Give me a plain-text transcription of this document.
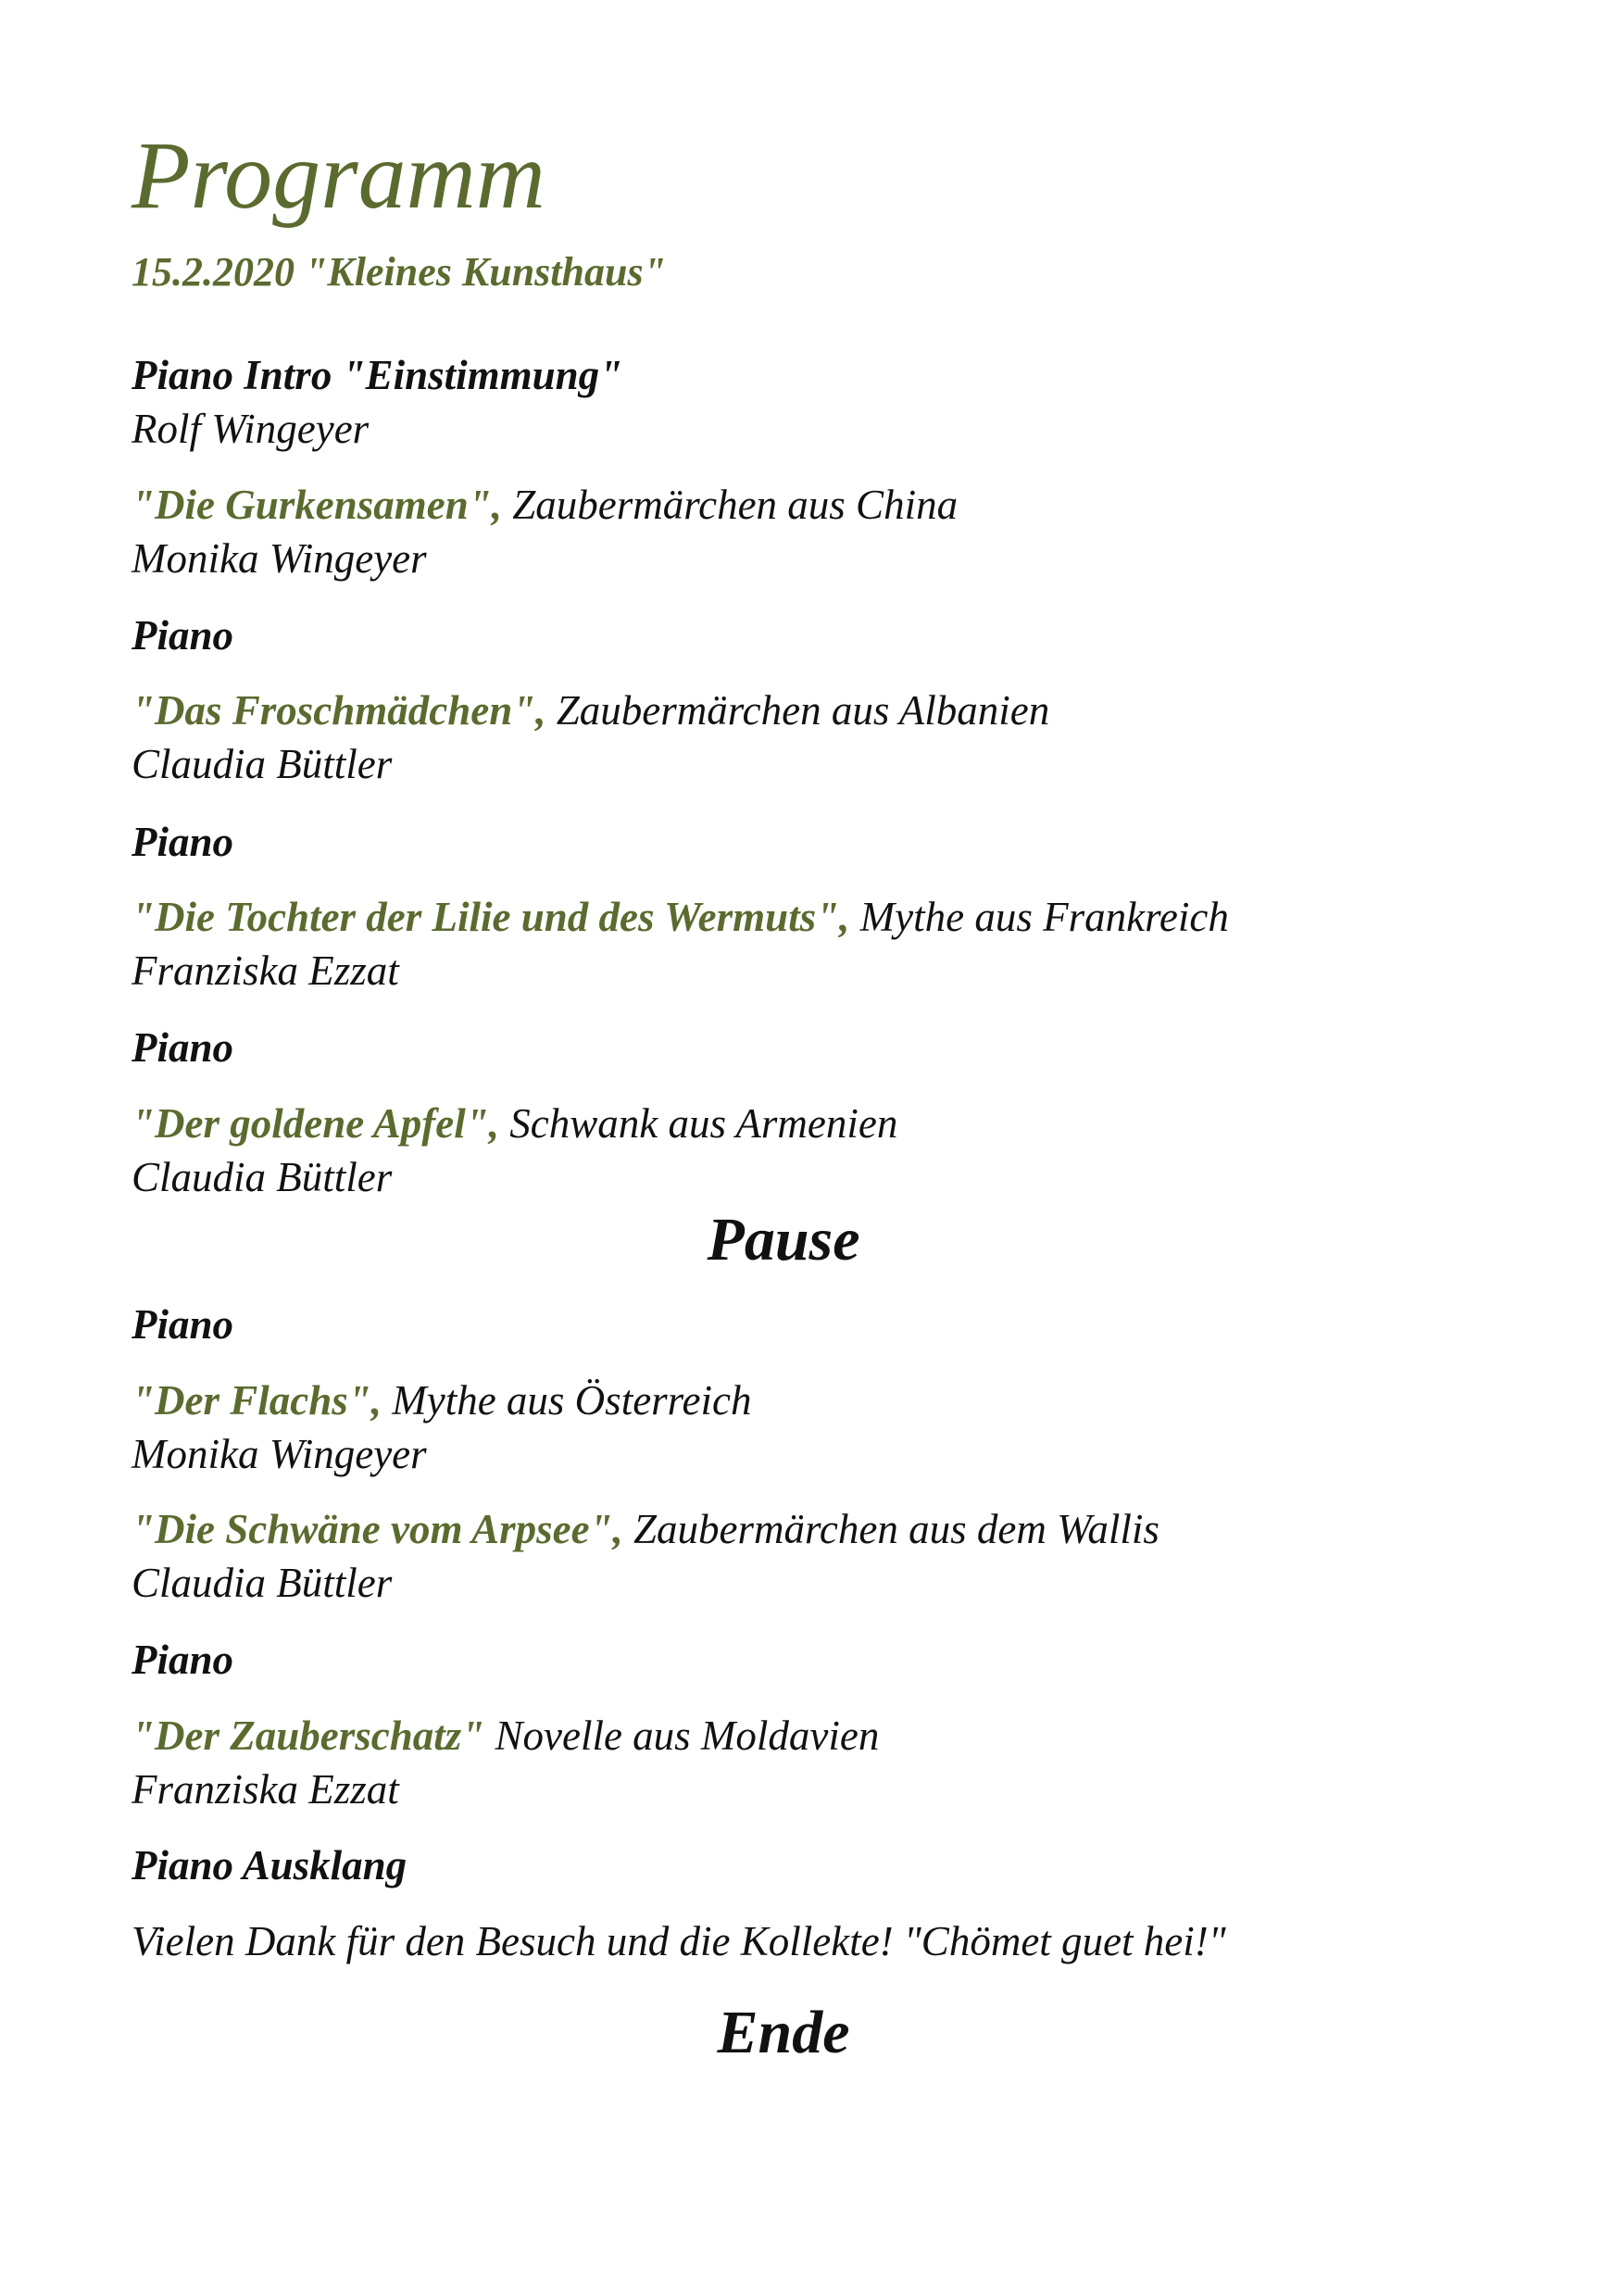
Programm
15.2.2020 "Kleines Kunsthaus"
Piano Intro "Einstimmung"
Rolf Wingeyer
"Die Gurkensamen", Zaubermärchen aus China
Monika Wingeyer
Piano
"Das Froschmädchen", Zaubermärchen aus Albanien
Claudia Büttler
Piano
"Die Tochter der Lilie und des Wermuts", Mythe aus Frankreich
Franziska Ezzat
Piano
"Der goldene Apfel", Schwank aus Armenien
Claudia Büttler
Pause
Piano
"Der Flachs", Mythe aus Österreich
Monika Wingeyer
"Die Schwäne vom Arpsee", Zaubermärchen aus dem Wallis
Claudia Büttler
Piano
"Der Zauberschatz" Novelle aus Moldavien
Franziska Ezzat
Piano Ausklang
Vielen Dank für den Besuch und die Kollekte! "Chömet guet hei!"
Ende
